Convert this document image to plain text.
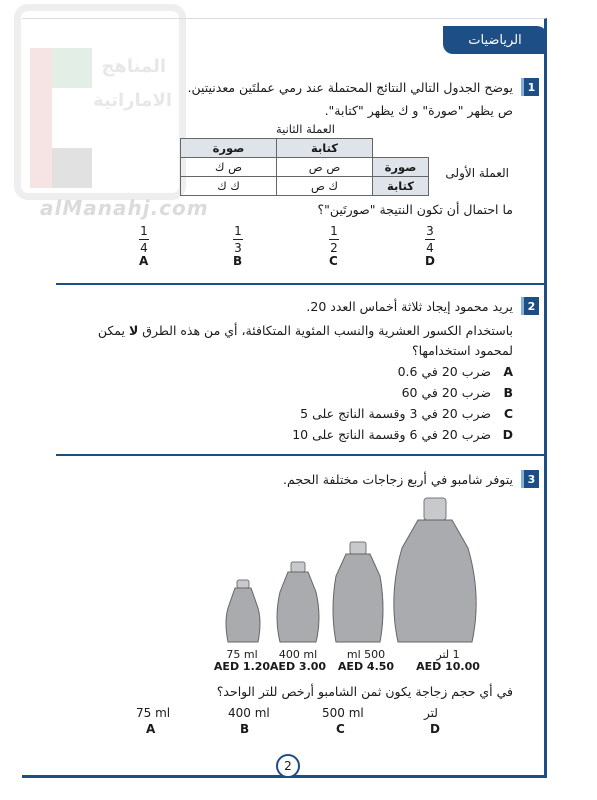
المناهج
الاماراتية
alManahj.com
الرياضيات
1
يوضح الجدول التالي النتائج المحتملة عند رمي عملتَين معدنيتين.
ص يظهر "صورة" و ك يظهر "كتابة".
العملة الثانية
العملة الأولى
	كتابة	صورة
صورة	ص ص	ص ك
كتابة	ك ص	ك ك
ما احتمال أن تكون النتيجة "صورتَين"؟
1
4
A
1
3
B
1
2
C
3
4
D
2
يريد محمود إيجاد ثلاثة أخماس العدد 20.
باستخدام الكسور العشرية والنسب المئوية المتكافئة، أي من هذه الطرق لا يمكن
لمحمود استخدامها؟
A
ضرب 20 في 0.6
B
ضرب 20 في 60
C
ضرب 20 في 3 وقسمة الناتج على 5
D
ضرب 20 في 6 وقسمة الناتج على 10
3
يتوفر شامبو في أربع زجاجات مختلفة الحجم.
75 ml
AED 1.20
400 ml
AED 3.00
500 ml
AED 4.50
1 لتر
AED 10.00
في أي حجم زجاجة يكون ثمن الشامبو أرخص للتر الواحد؟
75 ml
A
400 ml
B
500 ml
C
لتر
D
2
